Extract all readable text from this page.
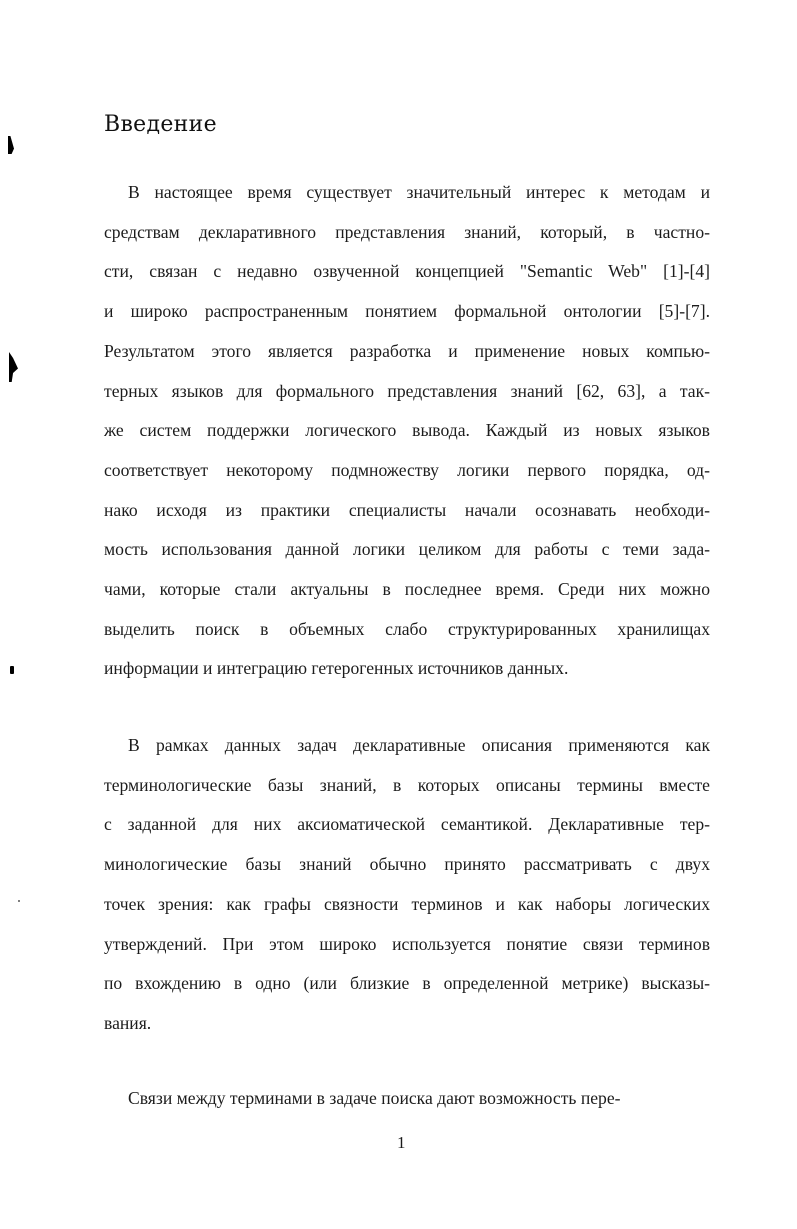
Введение

В настоящее время существует значительный интерес к методам и
средствам декларативного представления знаний, который, в частно-
сти, связан с недавно озвученной концепцией "Semantic Web" [1]-[4]
и широко распространенным понятием формальной онтологии [5]-[7].
Результатом этого является разработка и применение новых компью-
терных языков для формального представления знаний [62, 63], а так-
же систем поддержки логического вывода. Каждый из новых языков
соответствует некоторому подмножеству логики первого порядка, од-
нако исходя из практики специалисты начали осознавать необходи-
мость использования данной логики целиком для работы с теми зада-
чами, которые стали актуальны в последнее время. Среди них можно
выделить поиск в объемных слабо структурированных хранилищах
информации и интеграцию гетерогенных источников данных.

В рамках данных задач декларативные описания применяются как
терминологические базы знаний, в которых описаны термины вместе
с заданной для них аксиоматической семантикой. Декларативные тер-
минологические базы знаний обычно принято рассматривать с двух
точек зрения: как графы связности терминов и как наборы логических
утверждений. При этом широко используется понятие связи терминов
по вхождению в одно (или близкие в определенной метрике) высказы-
вания.

Связи между терминами в задаче поиска дают возможность пере-

1
